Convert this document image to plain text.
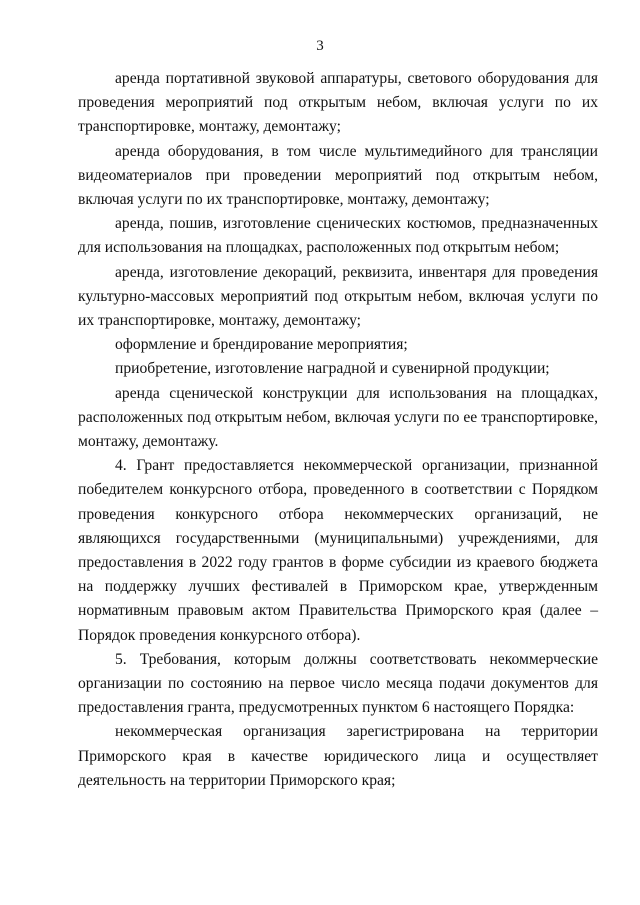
3

аренда портативной звуковой аппаратуры, светового оборудования для проведения мероприятий под открытым небом, включая услуги по их транспортировке, монтажу, демонтажу;

аренда оборудования, в том числе мультимедийного для трансляции видеоматериалов при проведении мероприятий под открытым небом, включая услуги по их транспортировке, монтажу, демонтажу;

аренда, пошив, изготовление сценических костюмов, предназначенных для использования на площадках, расположенных под открытым небом;

аренда, изготовление декораций, реквизита, инвентаря для проведения культурно-массовых мероприятий под открытым небом, включая услуги по их транспортировке, монтажу, демонтажу;

оформление и брендирование мероприятия;

приобретение, изготовление наградной и сувенирной продукции;

аренда сценической конструкции для использования на площадках, расположенных под открытым небом, включая услуги по ее транспортировке, монтажу, демонтажу.

4. Грант предоставляется некоммерческой организации, признанной победителем конкурсного отбора, проведенного в соответствии с Порядком проведения конкурсного отбора некоммерческих организаций, не являющихся государственными (муниципальными) учреждениями, для предоставления в 2022 году грантов в форме субсидии из краевого бюджета на поддержку лучших фестивалей в Приморском крае, утвержденным нормативным правовым актом Правительства Приморского края (далее – Порядок проведения конкурсного отбора).

5. Требования, которым должны соответствовать некоммерческие организации по состоянию на первое число месяца подачи документов для предоставления гранта, предусмотренных пунктом 6 настоящего Порядка:

некоммерческая организация зарегистрирована на территории Приморского края в качестве юридического лица и осуществляет деятельность на территории Приморского края;
